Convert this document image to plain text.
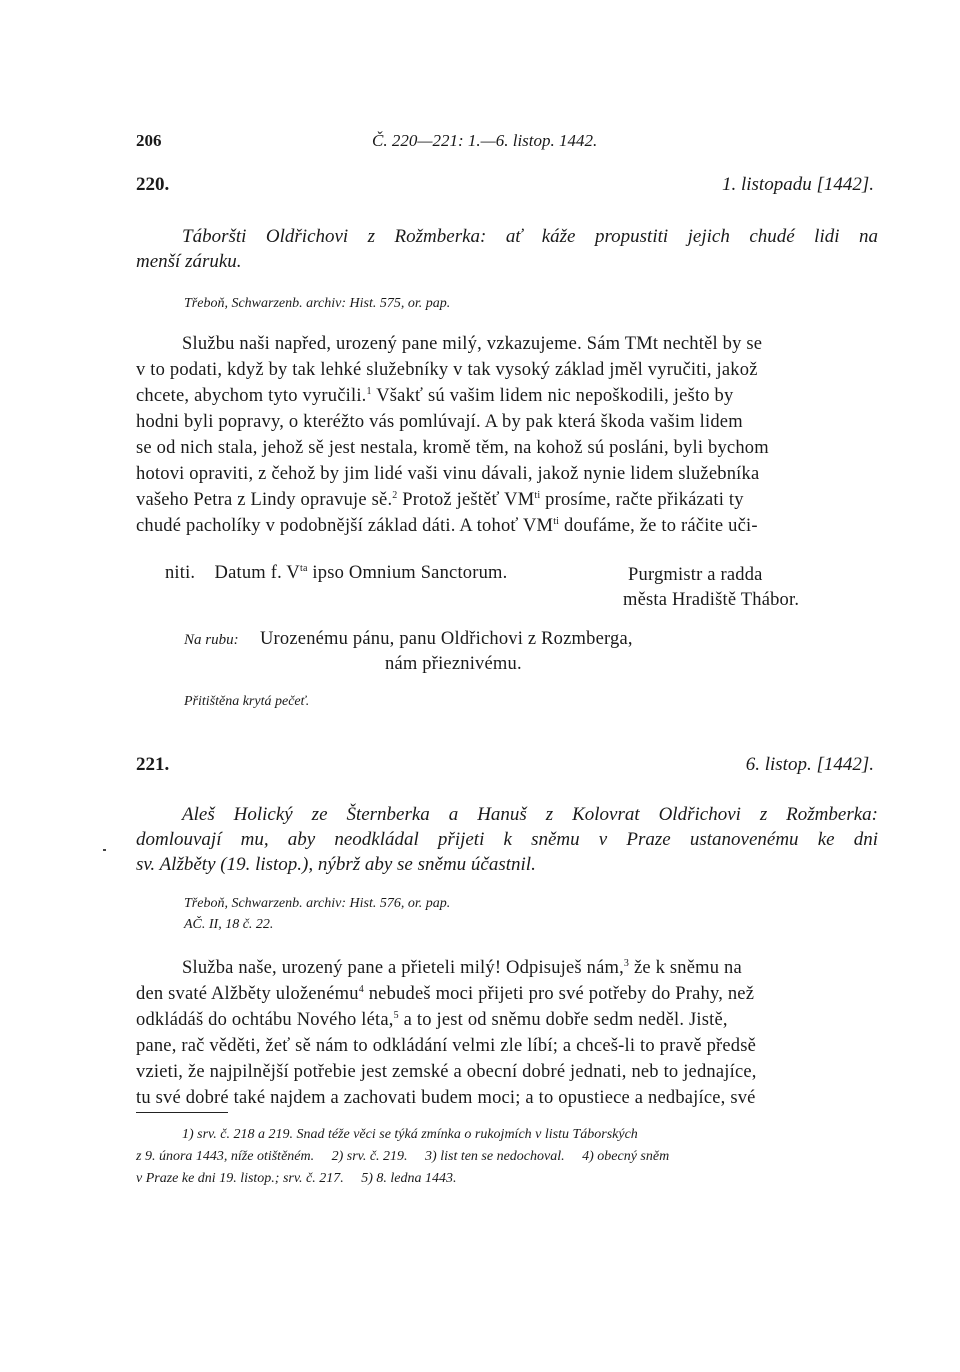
206	Č. 220—221: 1.—6. listop. 1442.
220.	1. listopadu [1442].
Táboršti Oldřichovi z Rožmberka: ať káže propustiti jejich chudé lidi na
menší záruku.
Třeboň, Schwarzenb. archiv: Hist. 575, or. pap.
Službu naši napřed, urozený pane milý, vzkazujeme. Sám TMt nechtěl by se
v to podati, když by tak lehké služebníky v tak vysoký základ jměl vyručiti, jakož
chcete, abychom tyto vyručili.$^1$ Všakť sú vašim lidem nic nepoškodili, ješto by
hodni byli popravy, o kteréžto vás pomlúvají. A by pak která škoda vašim lidem
se od nich stala, jehož sě jest nestala, kromě těm, na kohož sú posláni, byli bychom
hotovi opraviti, z čehož by jim lidé vaši vinu dávali, jakož nynie lidem služebníka
vašeho Petra z Lindy opravuje sě.$^2$ Protož ještěť $VM^{ti}$ prosíme, račte přikázati ty
chudé pacholíky v podobnější základ dáti. A tohoť $VM^{ti}$ doufáme, že to ráčite uči-

niti.    Datum f. $V^{ta}$ ipso Omnium Sanctorum.
	Purgmistr a radda
města Hradiště Thábor.
Na rubu: Urozenému pánu, panu Oldřichovi z Rozmberga,
nám přieznivému.
Přitištěna krytá pečeť.
221.	6. listop. [1442].
Aleš Holický ze Šternberka a Hanuš z Kolovrat Oldřichovi z Rožmberka:
domlouvají mu, aby neodkládal přijeti k sněmu v Praze ustanovenému ke dni
sv. Alžběty (19. listop.), nýbrž aby se sněmu účastnil.
Třeboň, Schwarzenb. archiv: Hist. 576, or. pap.
AČ. II, 18 č. 22.
Služba naše, urozený pane a přieteli milý! Odpisuješ nám,$^3$ že k sněmu na
den svaté Alžběty uloženému$^4$ nebudeš moci přijeti pro své potřeby do Prahy, než
odkládáš do ochtábu Nového léta,$^5$ a to jest od sněmu dobře sedm neděl. Jistě,
pane, rač věděti, žeť sě nám to odkládání velmi zle líbí; a chceš-li to pravě předsě
vzieti, že najpilnější potřebie jest zemské a obecní dobré jednati, neb to jednajíce,
tu své dobré také najdem a zachovati budem moci; a to opustiece a nedbajíce, své
1) srv. č. 218 a 219. Snad téže věci se týká zmínka o rukojmích v listu Táborských
z 9. února 1443, níže otištěném.     2) srv. č. 219.     3) list ten se nedochoval.     4) obecný sněm
v Praze ke dni 19. listop.; srv. č. 217.     5) 8. ledna 1443.
